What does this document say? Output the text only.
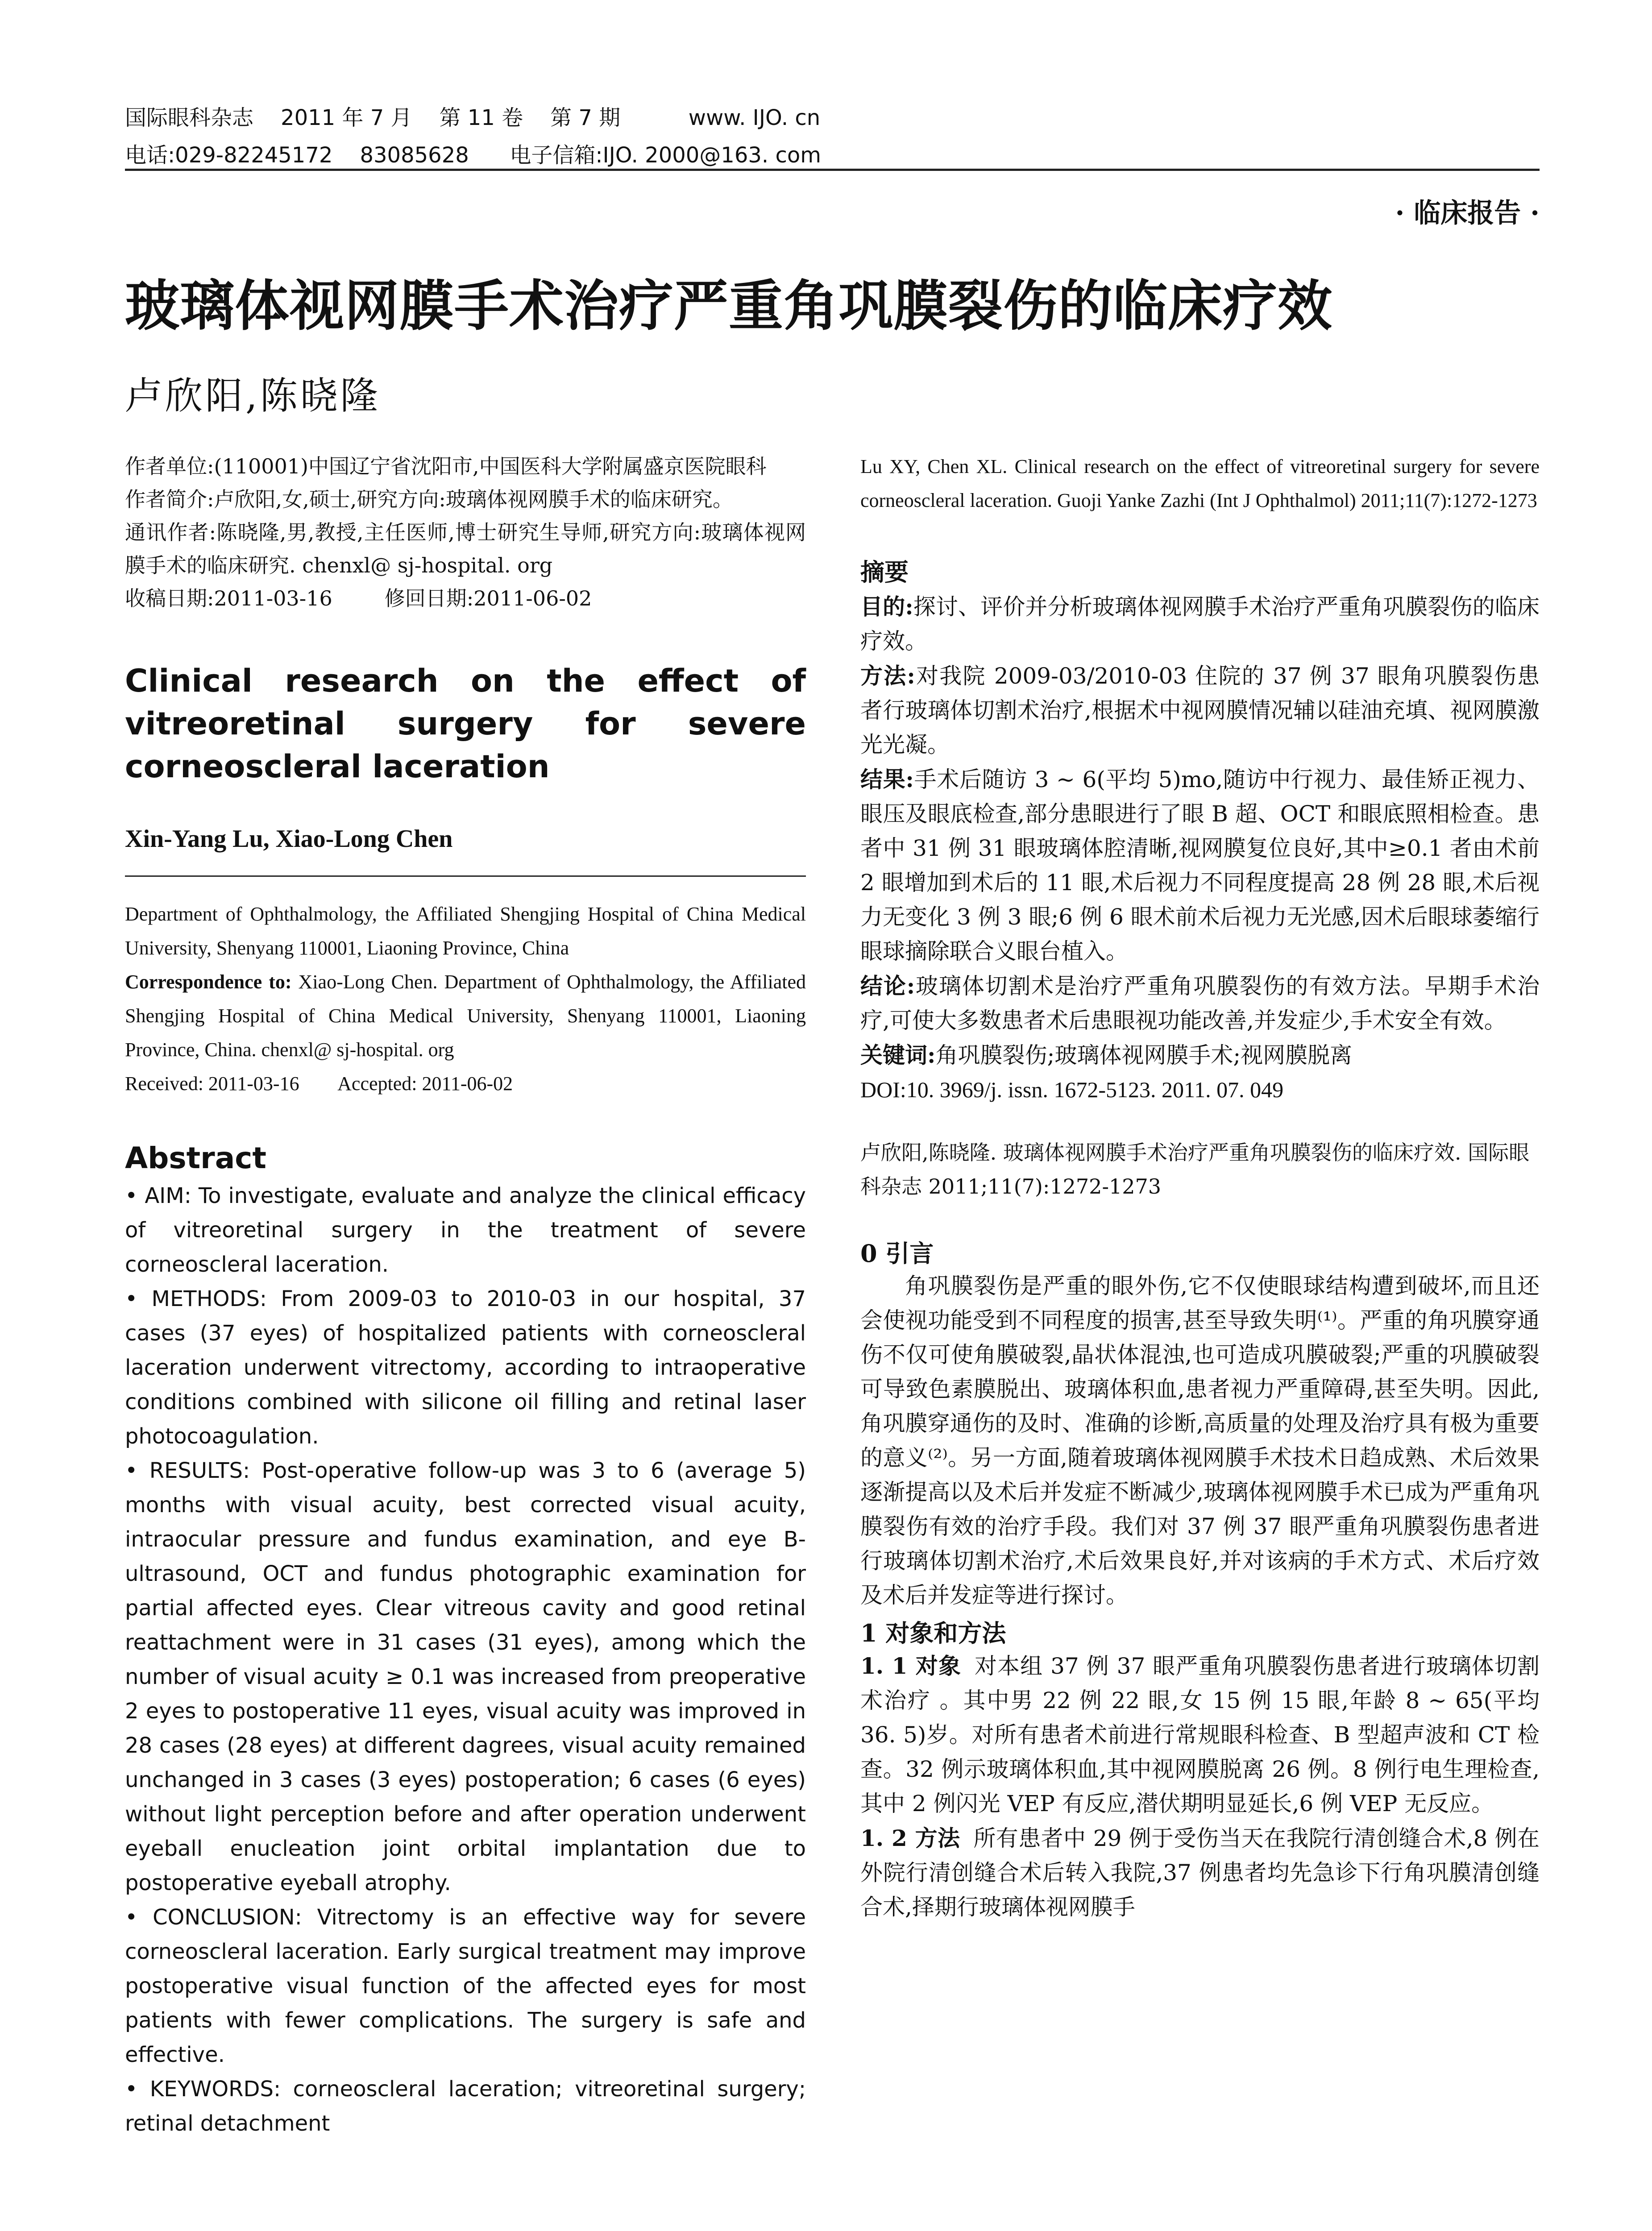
国际眼科杂志    2011 年 7 月    第 11 卷    第 7 期          www. IJO. cn
电话:029-82245172    83085628      电子信箱:IJO. 2000@163. com
· 临床报告 ·
玻璃体视网膜手术治疗严重角巩膜裂伤的临床疗效
卢欣阳,陈晓隆

作者单位:(110001)中国辽宁省沈阳市,中国医科大学附属盛京医院眼科

作者简介:卢欣阳,女,硕士,研究方向:玻璃体视网膜手术的临床研究。

通讯作者:陈晓隆,男,教授,主任医师,博士研究生导师,研究方向:玻璃体视网膜手术的临床研究. chenxl@ sj-hospital. org

收稿日期:2011-03-16        修回日期:2011-06-02

Clinical research on the effect of vitreoretinal surgery for severe corneoscleral laceration
Xin-Yang Lu, Xiao-Long Chen

Department of Ophthalmology, the Affiliated Shengjing Hospital of China Medical University, Shenyang 110001, Liaoning Province, China

Correspondence to: Xiao-Long Chen. Department of Ophthalmology, the Affiliated Shengjing Hospital of China Medical University, Shenyang 110001, Liaoning Province, China. chenxl@ sj-hospital. org

Received: 2011-03-16        Accepted: 2011-06-02

Abstract

• AIM: To investigate, evaluate and analyze the clinical efficacy of vitreoretinal surgery in the treatment of severe corneoscleral laceration.

• METHODS: From 2009-03 to 2010-03 in our hospital, 37 cases (37 eyes) of hospitalized patients with corneoscleral laceration underwent vitrectomy, according to intraoperative conditions combined with silicone oil filling and retinal laser photocoagulation.

• RESULTS: Post-operative follow-up was 3 to 6 (average 5) months with visual acuity, best corrected visual acuity, intraocular pressure and fundus examination, and eye B-ultrasound, OCT and fundus photographic examination for partial affected eyes. Clear vitreous cavity and good retinal reattachment were in 31 cases (31 eyes), among which the number of visual acuity ≥ 0.1 was increased from preoperative 2 eyes to postoperative 11 eyes, visual acuity was improved in 28 cases (28 eyes) at different dagrees, visual acuity remained unchanged in 3 cases (3 eyes) postoperation; 6 cases (6 eyes) without light perception before and after operation underwent eyeball enucleation joint orbital implantation due to postoperative eyeball atrophy.

• CONCLUSION: Vitrectomy is an effective way for severe corneoscleral laceration. Early surgical treatment may improve postoperative visual function of the affected eyes for most patients with fewer complications. The surgery is safe and effective.

• KEYWORDS: corneoscleral laceration; vitreoretinal surgery; retinal detachment

Lu XY, Chen XL. Clinical research on the effect of vitreoretinal surgery for severe corneoscleral laceration. Guoji Yanke Zazhi (Int J Ophthalmol) 2011;11(7):1272-1273

摘要

目的:探讨、评价并分析玻璃体视网膜手术治疗严重角巩膜裂伤的临床疗效。

方法:对我院 2009-03/2010-03 住院的 37 例 37 眼角巩膜裂伤患者行玻璃体切割术治疗,根据术中视网膜情况辅以硅油充填、视网膜激光光凝。

结果:手术后随访 3 ~ 6(平均 5)mo,随访中行视力、最佳矫正视力、眼压及眼底检查,部分患眼进行了眼 B 超、OCT 和眼底照相检查。患者中 31 例 31 眼玻璃体腔清晰,视网膜复位良好,其中≥0.1 者由术前 2 眼增加到术后的 11 眼,术后视力不同程度提高 28 例 28 眼,术后视力无变化 3 例 3 眼;6 例 6 眼术前术后视力无光感,因术后眼球萎缩行眼球摘除联合义眼台植入。

结论:玻璃体切割术是治疗严重角巩膜裂伤的有效方法。早期手术治疗,可使大多数患者术后患眼视功能改善,并发症少,手术安全有效。

关键词:角巩膜裂伤;玻璃体视网膜手术;视网膜脱离

DOI:10. 3969/j. issn. 1672-5123. 2011. 07. 049

卢欣阳,陈晓隆. 玻璃体视网膜手术治疗严重角巩膜裂伤的临床疗效. 国际眼科杂志 2011;11(7):1272-1273

0 引言

角巩膜裂伤是严重的眼外伤,它不仅使眼球结构遭到破坏,而且还会使视功能受到不同程度的损害,甚至导致失明⁽¹⁾。严重的角巩膜穿通伤不仅可使角膜破裂,晶状体混浊,也可造成巩膜破裂;严重的巩膜破裂可导致色素膜脱出、玻璃体积血,患者视力严重障碍,甚至失明。因此,角巩膜穿通伤的及时、准确的诊断,高质量的处理及治疗具有极为重要的意义⁽²⁾。另一方面,随着玻璃体视网膜手术技术日趋成熟、术后效果逐渐提高以及术后并发症不断减少,玻璃体视网膜手术已成为严重角巩膜裂伤有效的治疗手段。我们对 37 例 37 眼严重角巩膜裂伤患者进行玻璃体切割术治疗,术后效果良好,并对该病的手术方式、术后疗效及术后并发症等进行探讨。

1 对象和方法

1. 1 对象 对本组 37 例 37 眼严重角巩膜裂伤患者进行玻璃体切割术治疗 。其中男 22 例 22 眼,女 15 例 15 眼,年龄 8 ~ 65(平均 36. 5)岁。对所有患者术前进行常规眼科检查、B 型超声波和 CT 检查。32 例示玻璃体积血,其中视网膜脱离 26 例。8 例行电生理检查,其中 2 例闪光 VEP 有反应,潜伏期明显延长,6 例 VEP 无反应。

1. 2 方法 所有患者中 29 例于受伤当天在我院行清创缝合术,8 例在外院行清创缝合术后转入我院,37 例患者均先急诊下行角巩膜清创缝合术,择期行玻璃体视网膜手
